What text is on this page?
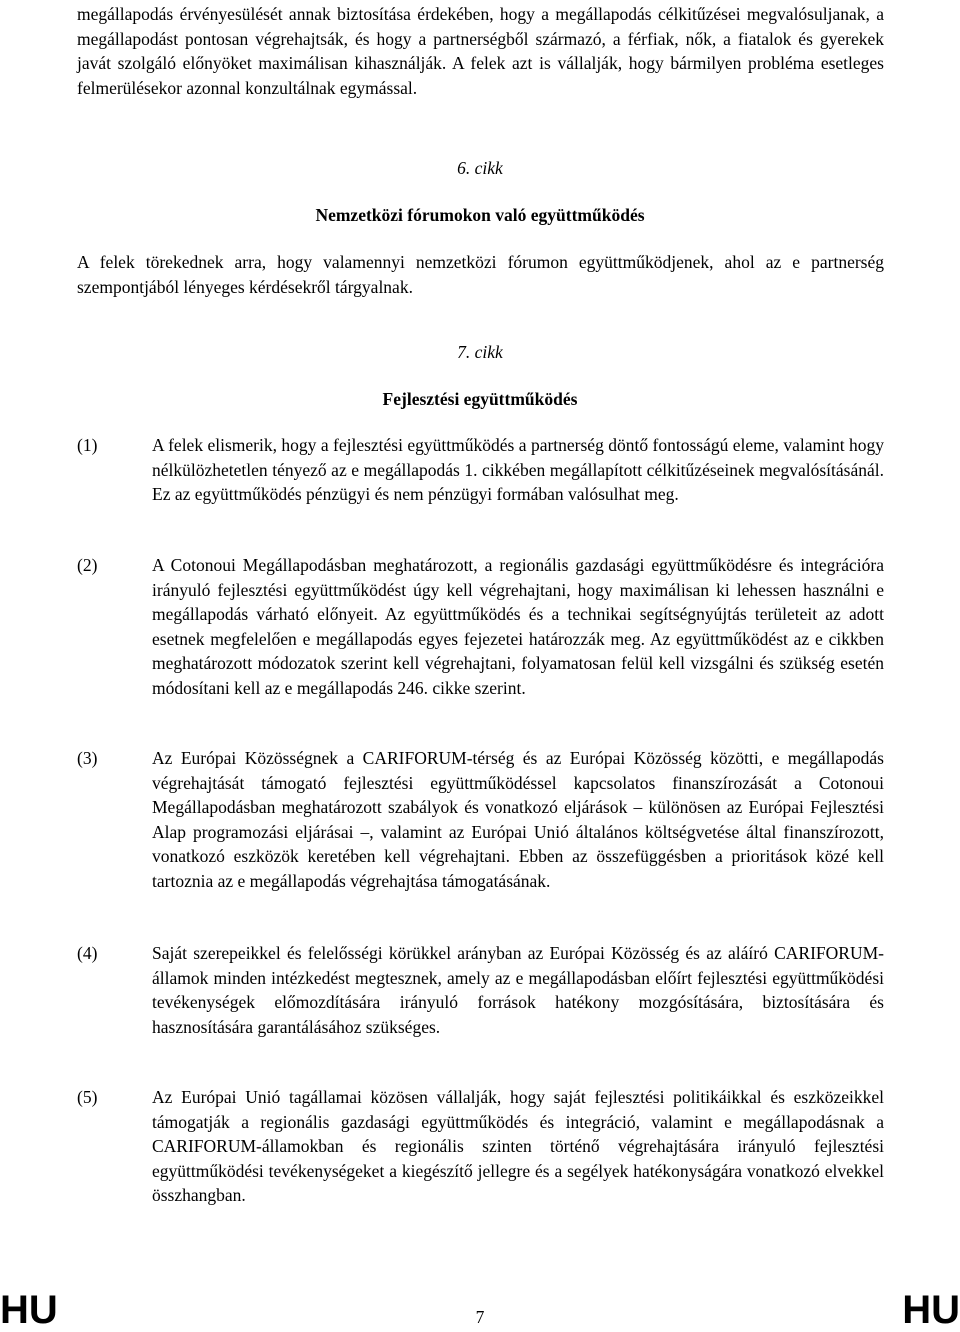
megállapodás érvényesülését annak biztosítása érdekében, hogy a megállapodás célkitűzései megvalósuljanak, a megállapodást pontosan végrehajtsák, és hogy a partnerségből származó, a férfiak, nők, a fiatalok és gyerekek javát szolgáló előnyöket maximálisan kihasználják. A felek azt is vállalják, hogy bármilyen probléma esetleges felmerülésekor azonnal konzultálnak egymással.
6. cikk
Nemzetközi fórumokon való együttműködés
A felek törekednek arra, hogy valamennyi nemzetközi fórumon együttműködjenek, ahol az e partnerség szempontjából lényeges kérdésekről tárgyalnak.
7. cikk
Fejlesztési együttműködés
(1)	A felek elismerik, hogy a fejlesztési együttműködés a partnerség döntő fontosságú eleme, valamint hogy nélkülözhetetlen tényező az e megállapodás 1. cikkében megállapított célkitűzéseinek megvalósításánál. Ez az együttműködés pénzügyi és nem pénzügyi formában valósulhat meg.
(2)	A Cotonoui Megállapodásban meghatározott, a regionális gazdasági együttműködésre és integrációra irányuló fejlesztési együttműködést úgy kell végrehajtani, hogy maximálisan ki lehessen használni e megállapodás várható előnyeit. Az együttműködés és a technikai segítségnyújtás területeit az adott esetnek megfelelően e megállapodás egyes fejezetei határozzák meg. Az együttműködést az e cikkben meghatározott módozatok szerint kell végrehajtani, folyamatosan felül kell vizsgálni és szükség esetén módosítani kell az e megállapodás 246. cikke szerint.
(3)	Az Európai Közösségnek a CARIFORUM-térség és az Európai Közösség közötti, e megállapodás végrehajtását támogató fejlesztési együttműködéssel kapcsolatos finanszírozását a Cotonoui Megállapodásban meghatározott szabályok és vonatkozó eljárások – különösen az Európai Fejlesztési Alap programozási eljárásai –, valamint az Európai Unió általános költségvetése által finanszírozott, vonatkozó eszközök keretében kell végrehajtani. Ebben az összefüggésben a prioritások közé kell tartoznia az e megállapodás végrehajtása támogatásának.
(4)	Saját szerepeikkel és felelősségi körükkel arányban az Európai Közösség és az aláíró CARIFORUM-államok minden intézkedést megtesznek, amely az e megállapodásban előírt fejlesztési együttműködési tevékenységek előmozdítására irányuló források hatékony mozgósítására, biztosítására és hasznosítására garantálásához szükséges.
(5)	Az Európai Unió tagállamai közösen vállalják, hogy saját fejlesztési politikáikkal és eszközeikkel támogatják a regionális gazdasági együttműködés és integráció, valamint e megállapodásnak a CARIFORUM-államokban és regionális szinten történő végrehajtására irányuló fejlesztési együttműködési tevékenységeket a kiegészítő jellegre és a segélyek hatékonyságára vonatkozó elvekkel összhangban.
HU	7	HU
